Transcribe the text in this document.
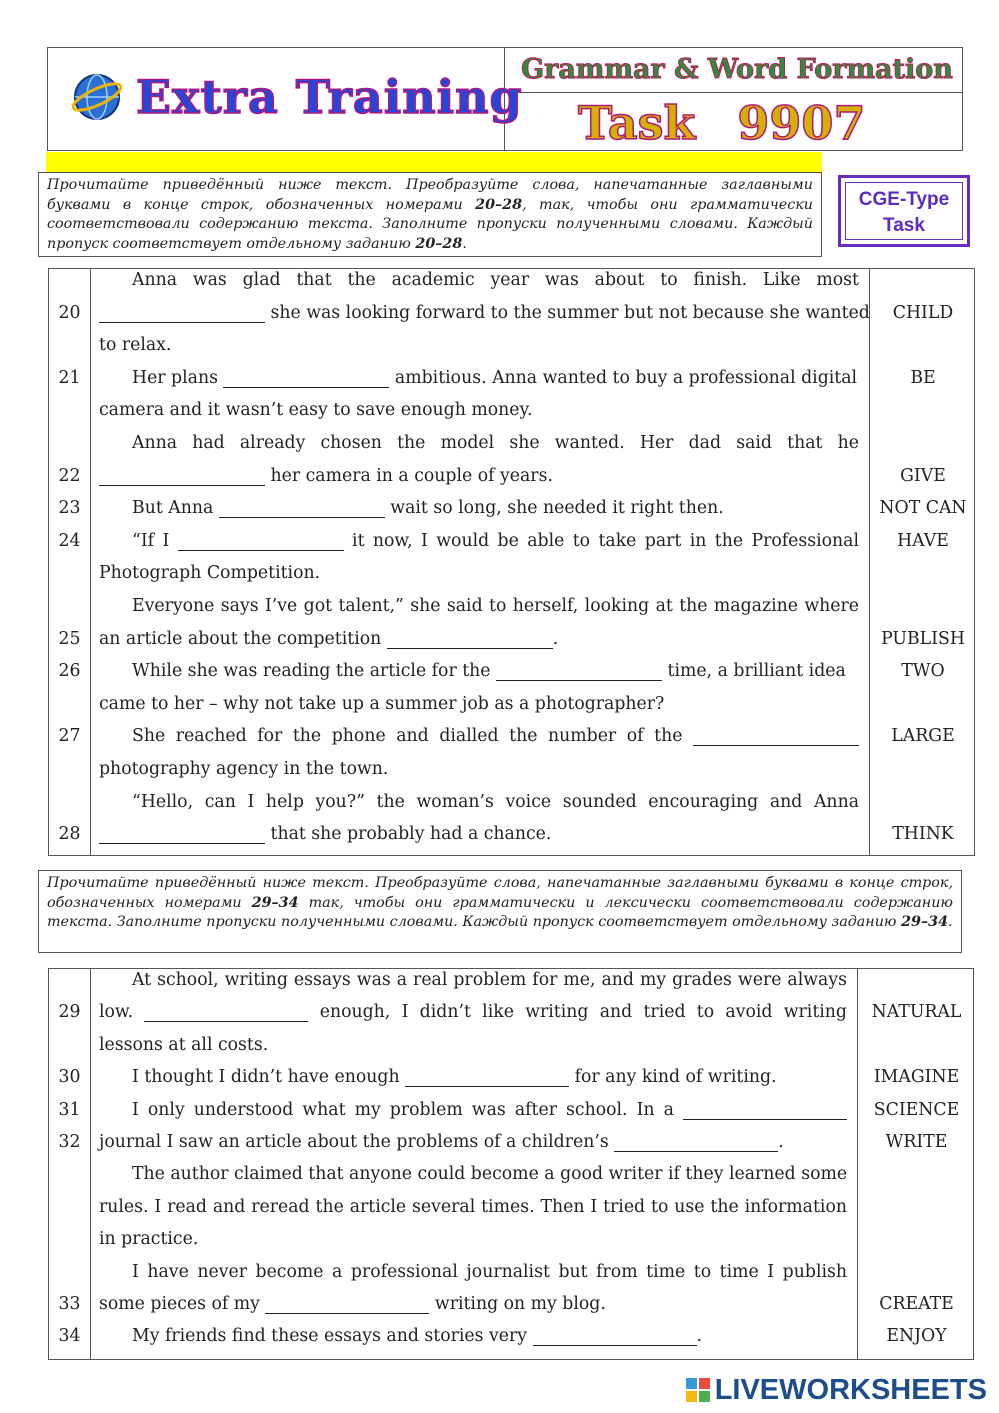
Extra Training
Grammar & Word Formation
Task 9907
Прочитайте приведённый ниже текст. Преобразуйте слова, напечатанные заглавными буквами в конце строк, обозначенных номерами 20–28, так, чтобы они грамматически соответствовали содержанию текста. Заполните пропуски полученными словами. Каждый пропуск соответствует отдельному заданию 20–28.
CGE-Type
Task
Anna was glad that the academic year was about to finish. Like most
20	she was looking forward to the summer but not because she wanted	CHILD
to relax.
21	Her plans	ambitious. Anna wanted to buy a professional digital	BE
camera and it wasn’t easy to save enough money.
Anna had already chosen the model she wanted. Her dad said that he
22	her camera in a couple of years.	GIVE
23	But Anna	wait so long, she needed it right then.	NOT CAN
24	“If I	it now, I would be able to take part in the Professional	HAVE
Photograph Competition.
Everyone says I’ve got talent,” she said to herself, looking at the magazine where
25	an article about the competition	.	PUBLISH
26	While she was reading the article for the	time, a brilliant idea	TWO
came to her – why not take up a summer job as a photographer?
27	She reached for the phone and dialled the number of the	LARGE
photography agency in the town.
“Hello, can I help you?” the woman’s voice sounded encouraging and Anna
28	that she probably had a chance.	THINK
Прочитайте приведённый ниже текст. Преобразуйте слова, напечатанные заглавными буквами в конце строк, обозначенных номерами 29–34 так, чтобы они грамматически и лексически соответствовали содержанию текста. Заполните пропуски полученными словами. Каждый пропуск соответствует отдельному заданию 29–34.
At school, writing essays was a real problem for me, and my grades were always
29	low.	enough, I didn’t like writing and tried to avoid writing	NATURAL
lessons at all costs.
30	I thought I didn’t have enough	for any kind of writing.	IMAGINE
31	I only understood what my problem was after school. In a	SCIENCE
32	journal I saw an article about the problems of a children’s	.	WRITE
The author claimed that anyone could become a good writer if they learned some
rules. I read and reread the article several times. Then I tried to use the information
in practice.
I have never become a professional journalist but from time to time I publish
33	some pieces of my	writing on my blog.	CREATE
34	My friends find these essays and stories very	.	ENJOY
LIVEWORKSHEETS
